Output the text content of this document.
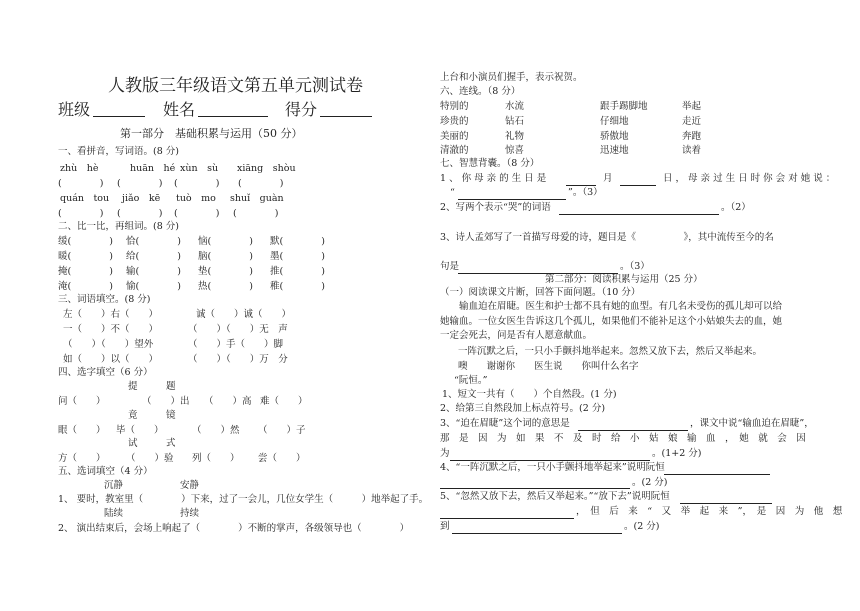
人教版三年级语文第五单元测试卷
班级	姓名	得分
第一部分　基础积累与运用（50 分）
一、看拼音，写词语。(8 分)
zhù　hè	huān　hé xùn　sù xiāng　shòu
(　　　　) (　　　　) (　　　　) (　　　　)
quán　tou jiǎo　kē tuò　mo shuǐ　guàn
(　　　　) (　　　　) (　　　　) (　　　　)
二、比一比，再组词。(8 分)
缓(　　　　) 恰(　　　　) 恼(　　　　) 默(　　　　)
暖(　　　　) 给(　　　　) 脑(　　　　) 墨(　　　　)
掩(　　　　) 输(　　　　) 垫(　　　　) 推(　　　　)
淹(　　　　) 愉(　　　　) 热(　　　　) 稚(　　　　)
三、词语填空。(8 分)
左（　　）右（　　）	诚（　　）诚（　　）
一（　　）不（　　）	（　　）（　　）无　声
（　　）（　　）望外	（　　）手（　　）脚
如（　　）以（　　）	（　　）（　　）万　分
四、选字填空（6 分）
提　　　题
问（　　）	（　　）出 （　　）高 难（　　）
竟　　　镜
眼（　　） 毕（　　）	（　　）然 （　　）子
试　　　式
方（　　） （　　）验 列（　　） 尝（　　）
五、选词填空（4 分）
沉静　　　　　　安静
1、 要时，教室里（　　　　）下来，过了一会儿，几位女学生（　　　）地举起了手。
陆续　　　　　　持续
2、 演出结束后，会场上响起了（　　　　）不断的掌声，各级领导也（　　　　）
上台和小演员们握手，表示祝贺。
六、连线。（8 分）
特别的	水流	跟手踢脚地	举起
珍贵的	钻石	仔细地	走近
美丽的	礼物	骄傲地	奔跑
清澈的	惊喜	迅速地	读着
七、智慧背囊。（8 分）
1 、 你 母 亲 的 生 日 是	月	日 ， 母 亲 过 生 日 时 你 会 对 她 说 ：
“	”。（3）
2、写两个表示“哭”的词语	。（2）
3、诗人孟郊写了一首描写母爱的诗，题目是《　　　　　》，其中流传至今的名
句是	。（3）
第二部分：阅读积累与运用（25 分）
（一）阅读课文片断，回答下面问题。（10 分）
输血迫在眉睫。医生和护士都不具有她的血型。有几名未受伤的孤儿却可以给她输血。一位女医生告诉这几个孤儿，如果他们不能补足这个小姑娘失去的血，她一定会死去，问是否有人愿意献血。
一阵沉默之后，一只小手颤抖地举起来。忽然又放下去，然后又举起来。
噢　　谢谢你　　医生说　　你叫什么名字
“阮恒。”
1、短文一共有（　　）个自然段。(1 分)
2、给第三自然段加上标点符号。(2 分)
3、“迫在眉睫”这个词的意思是	，课文中说“输血迫在眉睫”，
那　是　因　为　如　果　不　及　时　给　小　姑　娘　输　血　，　她　就　会　因
为	。(1+2 分)
4、“一阵沉默之后，一只小手颤抖地举起来”说明阮恒
。(2 分)
5、“忽然又放下去，然后又举起来。”“放下去”说明阮恒
，　但　后　来　“　又　举　起　来　”，　是　因　为　他　想
到	。(2 分)
